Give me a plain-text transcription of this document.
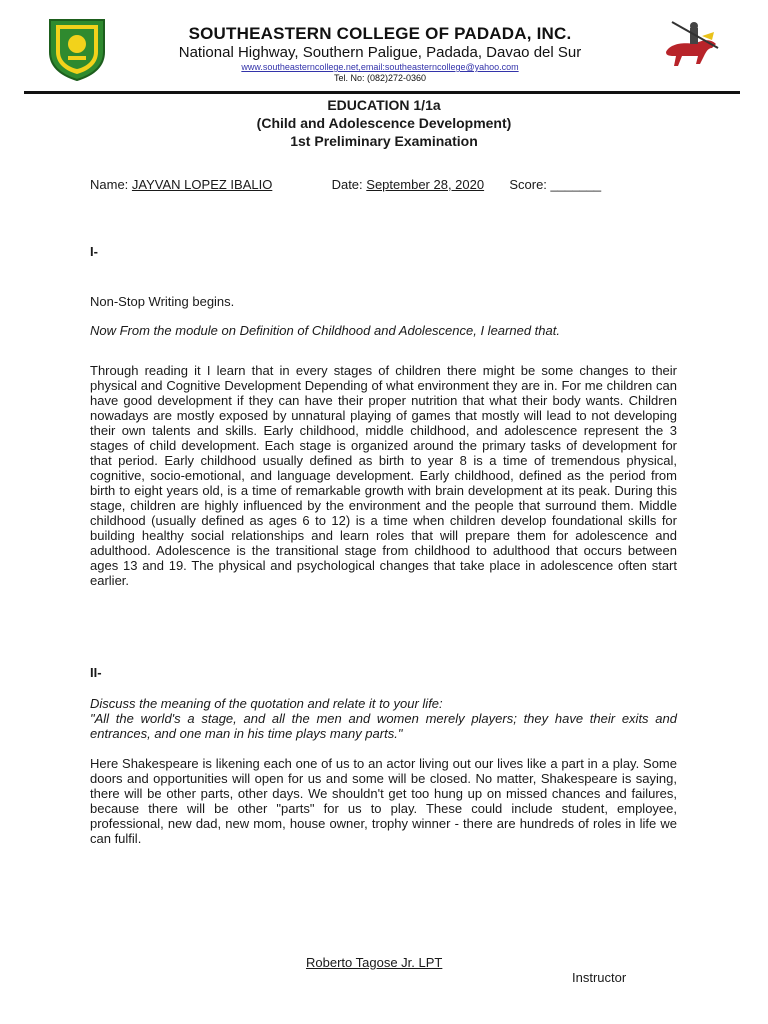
SOUTHEASTERN COLLEGE OF PADADA, INC.
National Highway, Southern Paligue, Padada, Davao del Sur
www.southeasterncollege.net,email:southeasterncollege@yahoo.com
Tel. No: (082)272-0360
EDUCATION 1/1a
(Child and Adolescence Development)
1st Preliminary Examination
Name: JAYVAN LOPEZ IBALIO	Date: September 28, 2020 Score: _______
I-
Non-Stop Writing begins.
Now From the module on Definition of Childhood and Adolescence, I learned that.
Through reading it I learn that in every stages of children there might be some changes to their physical and Cognitive Development Depending of what environment they are in. For me children can have good development if they can have their proper nutrition that what their body wants. Children nowadays are mostly exposed by unnatural playing of games that mostly will lead to not developing their own talents and skills. Early childhood, middle childhood, and adolescence represent the 3 stages of child development. Each stage is organized around the primary tasks of development for that period. Early childhood usually defined as birth to year 8 is a time of tremendous physical, cognitive, socio-emotional, and language development. Early childhood, defined as the period from birth to eight years old, is a time of remarkable growth with brain development at its peak. During this stage, children are highly influenced by the environment and the people that surround them. Middle childhood (usually defined as ages 6 to 12) is a time when children develop foundational skills for building healthy social relationships and learn roles that will prepare them for adolescence and adulthood. Adolescence is the transitional stage from childhood to adulthood that occurs between ages 13 and 19. The physical and psychological changes that take place in adolescence often start earlier.
II-
Discuss the meaning of the quotation and relate it to your life:
"All the world's a stage, and all the men and women merely players; they have their exits and entrances, and one man in his time plays many parts."
Here Shakespeare is likening each one of us to an actor living out our lives like a part in a play. Some doors and opportunities will open for us and some will be closed. No matter, Shakespeare is saying, there will be other parts, other days. We shouldn't get too hung up on missed chances and failures, because there will be other "parts" for us to play. These could include student, employee, professional, new dad, new mom, house owner, trophy winner - there are hundreds of roles in life we can fulfil.
Roberto Tagose Jr. LPT
Instructor
